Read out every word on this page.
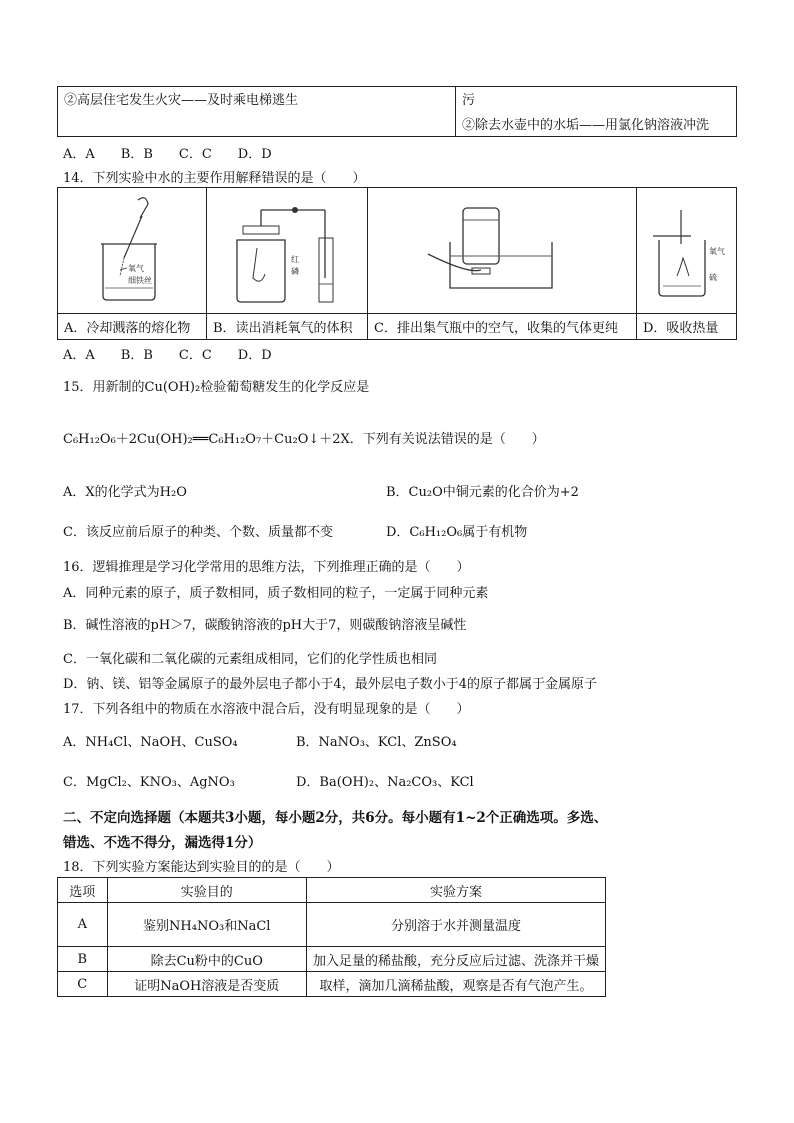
②高层住宅发生火灾——及时乘电梯逃生	污
②除去水壶中的水垢——用氯化钠溶液冲洗
A．A　　B．B　　C．C　　D．D
14．下列实验中水的主要作用解释错误的是（　　）
氧气
细铁丝	红
磷		氧气
硫

A．冷却溅落的熔化物	B．读出消耗氧气的体积	C．排出集气瓶中的空气，收集的气体更纯	D．吸收热量
A．A　　B．B　　C．C　　D．D
15．用新制的Cu(OH)₂检验葡萄糖发生的化学反应是
C₆H₁₂O₆＋2Cu(OH)₂══C₆H₁₂O₇＋Cu₂O↓＋2X．下列有关说法错误的是（　　）
A．X的化学式为H₂O	B．Cu₂O中铜元素的化合价为+2
C．该反应前后原子的种类、个数、质量都不变	D．C₆H₁₂O₆属于有机物
16．逻辑推理是学习化学常用的思维方法，下列推理正确的是（　　）
A．同种元素的原子，质子数相同，质子数相同的粒子，一定属于同种元素
B．碱性溶液的pH＞7，碳酸钠溶液的pH大于7，则碳酸钠溶液呈碱性
C．一氧化碳和二氧化碳的元素组成相同，它们的化学性质也相同
D．钠、镁、铝等金属原子的最外层电子都小于4，最外层电子数小于4的原子都属于金属原子
17．下列各组中的物质在水溶液中混合后，没有明显现象的是（　　）
A．NH₄Cl、NaOH、CuSO₄	B．NaNO₃、KCl、ZnSO₄
C．MgCl₂、KNO₃、AgNO₃	D．Ba(OH)₂、Na₂CO₃、KCl
二、不定向选择题（本题共3小题，每小题2分，共6分。每小题有1~2个正确选项。多选、
错选、不选不得分，漏选得1分）
18．下列实验方案能达到实验目的的是（　　）
选项	实验目的	实验方案
A	鉴别NH₄NO₃和NaCl	分别溶于水并测量温度
B	除去Cu粉中的CuO	加入足量的稀盐酸，充分反应后过滤、洗涤并干燥
C	证明NaOH溶液是否变质	取样，滴加几滴稀盐酸，观察是否有气泡产生。
